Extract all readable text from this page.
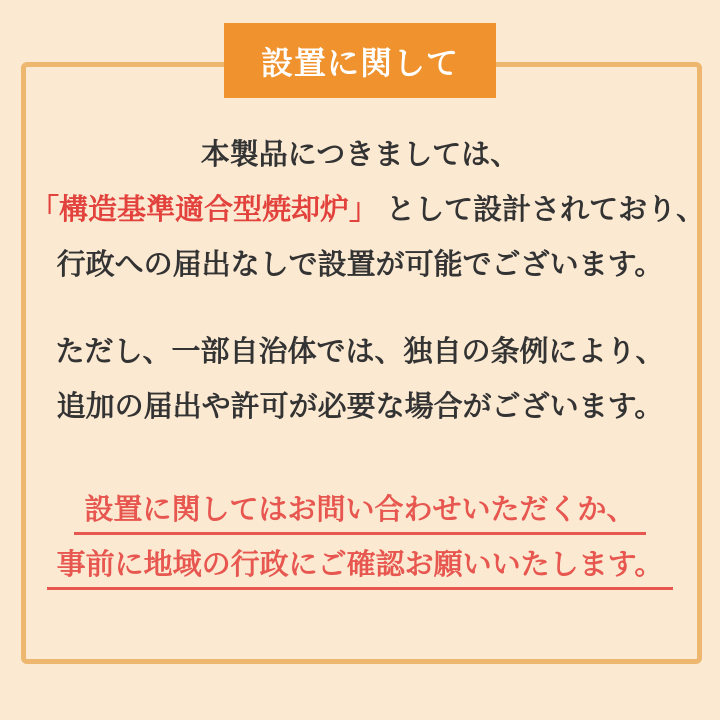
設置に関して
本製品につきましては、
「構造基準適合型焼却炉」 として設計されており、
行政への届出なしで設置が可能でございます。
ただし、一部自治体では、独自の条例により、
追加の届出や許可が必要な場合がございます。
設置に関してはお問い合わせいただくか、
事前に地域の行政にご確認お願いいたします。
